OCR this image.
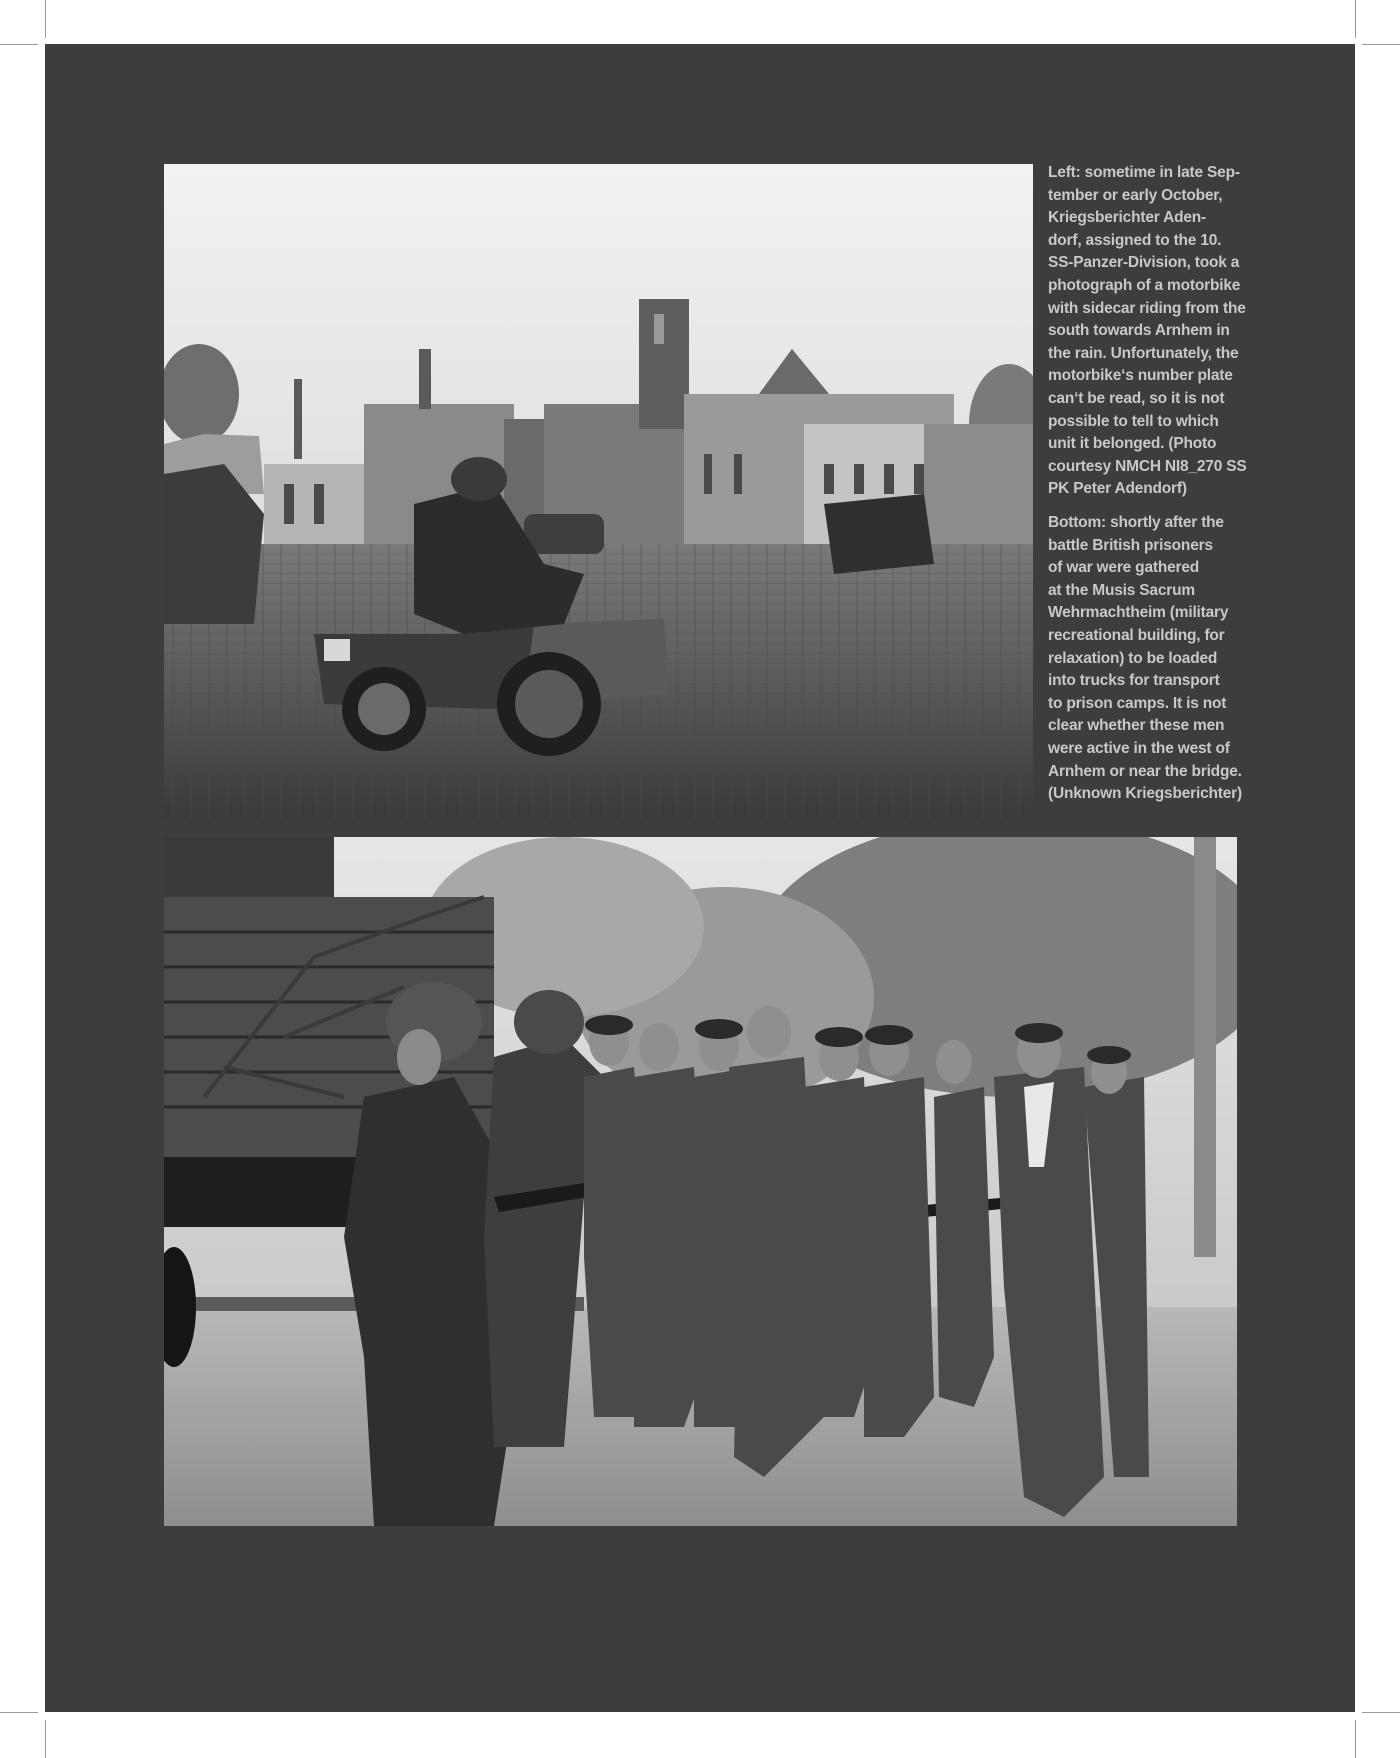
Left: sometime in late Sep-
tember or early October,
Kriegsberichter Aden-
dorf, assigned to the 10.
SS-Panzer-Division, took a
photograph of a motorbike
with sidecar riding from the
south towards Arnhem in
the rain. Unfortunately, the
motorbike‘s number plate
can‘t be read, so it is not
possible to tell to which
unit it belonged. (Photo
courtesy NMCH NI8_270 SS
PK Peter Adendorf)
Bottom: shortly after the
battle British prisoners
of war were gathered
at the Musis Sacrum
Wehrmachtheim (military
recreational building, for
relaxation) to be loaded
into trucks for transport
to prison camps. It is not
clear whether these men
were active in the west of
Arnhem or near the bridge.
(Unknown Kriegsberichter)
